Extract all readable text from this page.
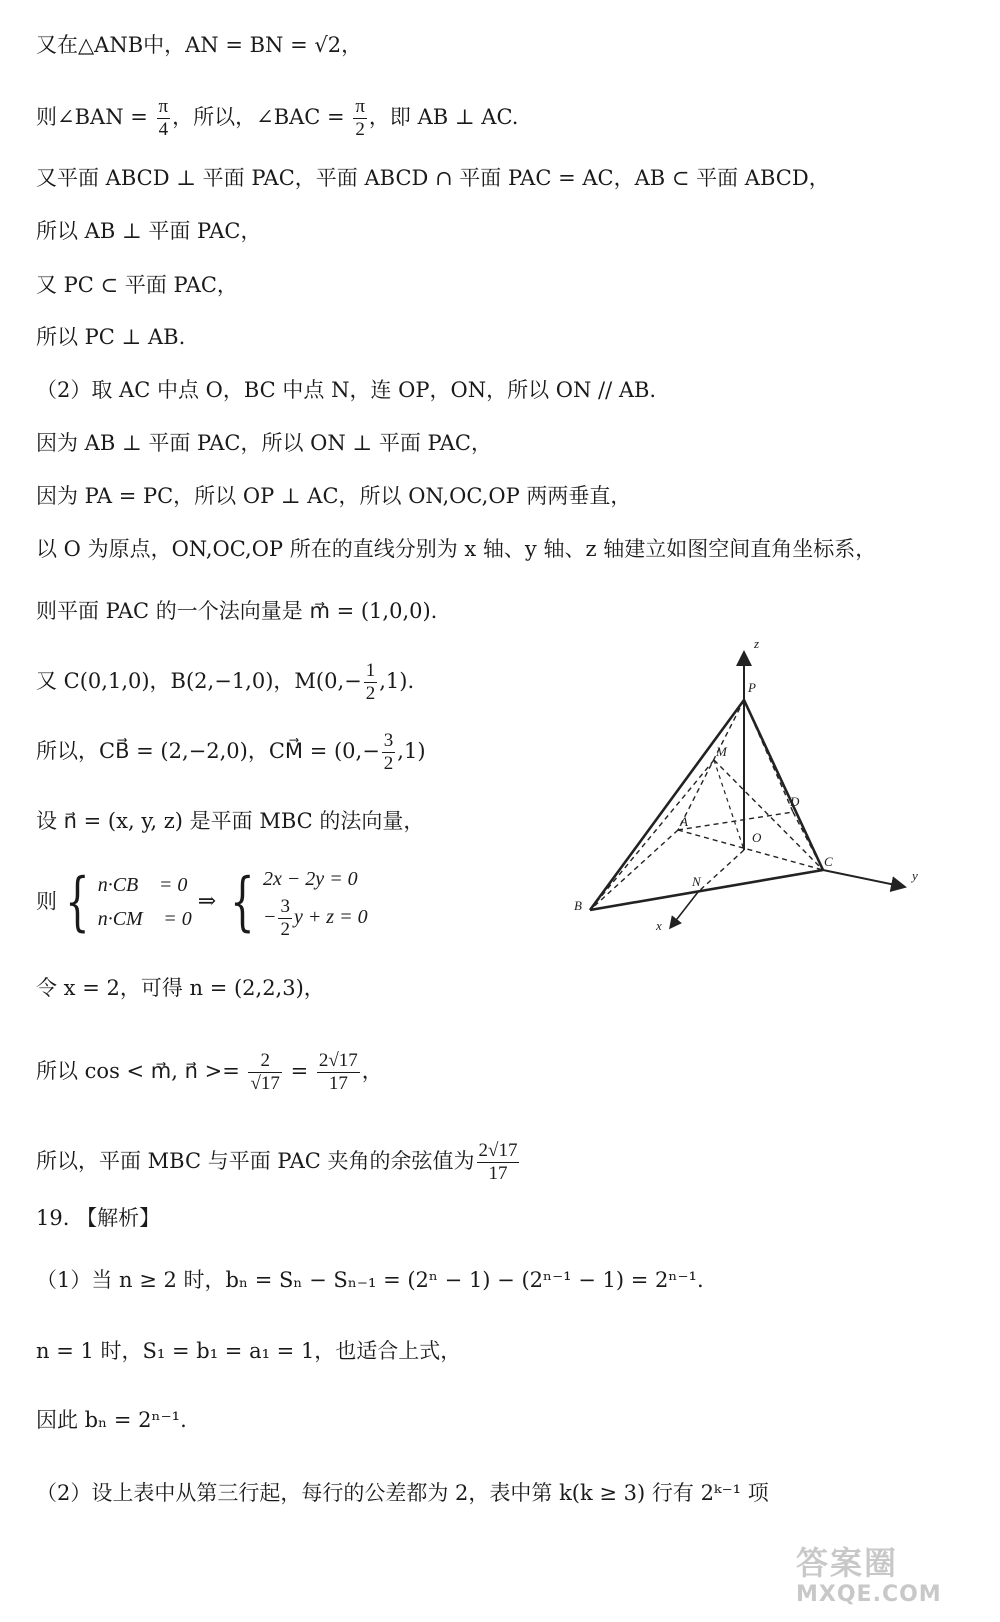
又在△ANB中，AN = BN = √2，
则∠BAN = $\frac{\pi}{4}$ ，所以，∠BAC = $\frac{\pi}{2}$ ，即 AB ⊥ AC.
又平面 ABCD ⊥ 平面 PAC，平面 ABCD ∩ 平面 PAC = AC，AB ⊂ 平面 ABCD，
所以 AB ⊥ 平面 PAC，
又 PC ⊂ 平面 PAC，
所以 PC ⊥ AB.
（2）取 AC 中点 O，BC 中点 N，连 OP，ON，所以 ON // AB.
因为 AB ⊥ 平面 PAC，所以 ON ⊥ 平面 PAC，
因为 PA = PC，所以 OP ⊥ AC，所以 ON,OC,OP 两两垂直，
以 O 为原点，ON,OC,OP 所在的直线分别为 x 轴、y 轴、z 轴建立如图空间直角坐标系，
则平面 PAC 的一个法向量是 m⃗ = (1,0,0).
又 C(0,1,0)，B(2,−1,0)，$M(0,- \frac{1}{2} ,1)$.
所以，CB⃗ = (2,−2,0)，CM⃗ = $(0,- \frac{3}{2} ,1)$
设 n⃗ = (x, y, z) 是平面 MBC 的法向量，
则 { n·CB⃗ = 0
n·CM⃗ = 0
⇒ { 2x − 2y = 0
− $\frac{3}{2}$ y + z = 0
令 x = 2，可得 n = (2,2,3)，
所以 cos < m⃗, n⃗ >= $\frac{2}{√17} = \frac{2√17}{17}$ ，
所以，平面 MBC 与平面 PAC 夹角的余弦值为 $\frac{2√17}{17}$
19. 【解析】
（1）当 n ≥ 2 时，bₙ = Sₙ − Sₙ₋₁ = (2ⁿ − 1) − (2ⁿ⁻¹ − 1) = 2ⁿ⁻¹.
n = 1 时，S₁ = b₁ = a₁ = 1，也适合上式，
因此 bₙ = 2ⁿ⁻¹.
（2）设上表中从第三行起，每行的公差都为 2，表中第 k(k ≥ 3) 行有 2ᵏ⁻¹ 项
z
y
x
P
M
A
D
O
C
N
B
答案圈
MXQE.COM
